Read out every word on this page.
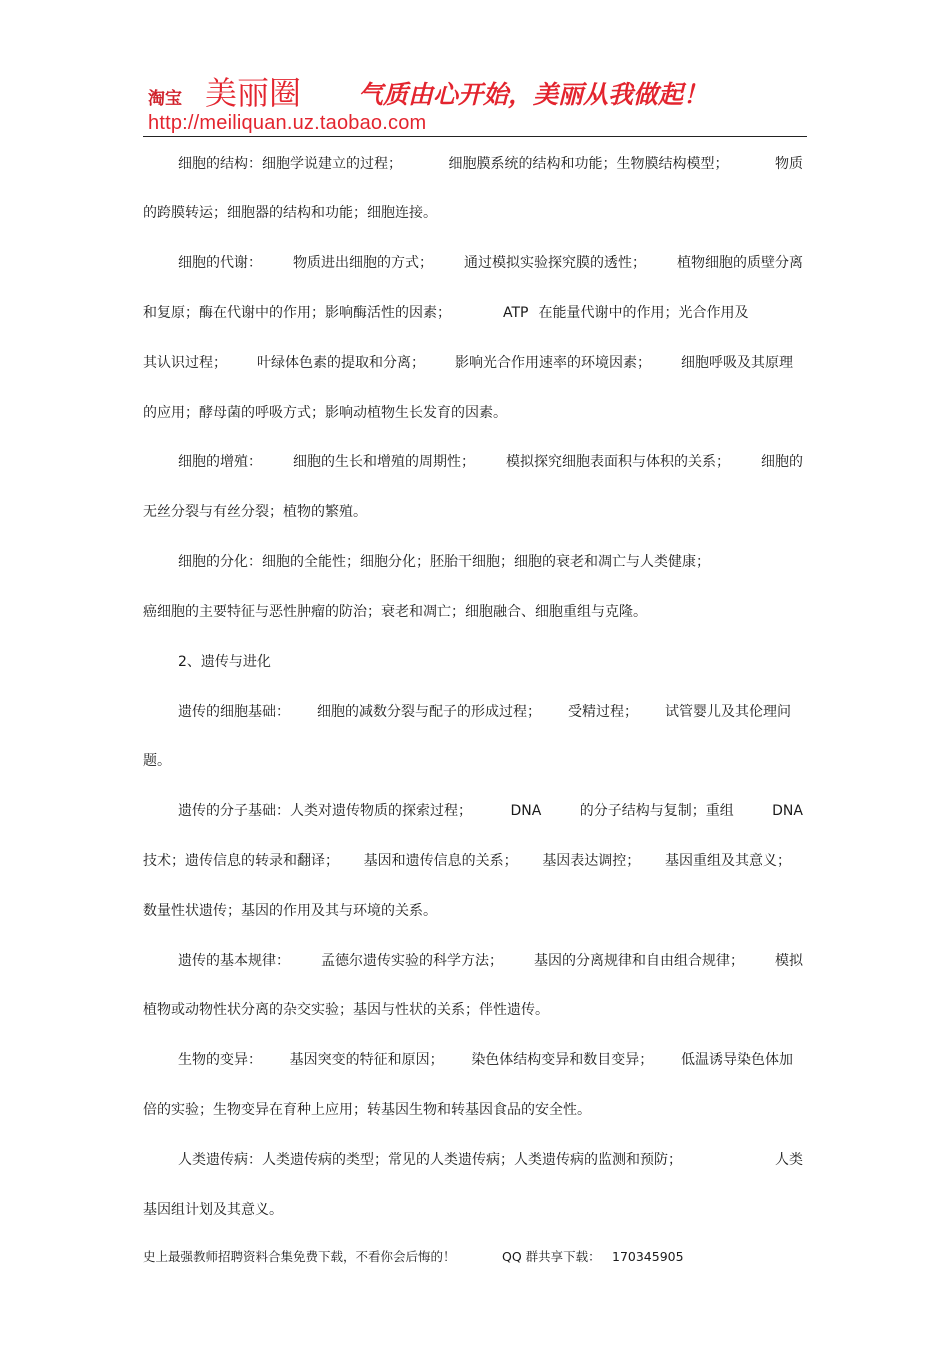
淘宝 美丽圈 气质由心开始，美丽从我做起！
http://meiliquan.uz.taobao.com
细胞的结构：细胞学说建立的过程；	细胞膜系统的结构和功能；生物膜结构模型；	物质
的跨膜转运；细胞器的结构和功能；细胞连接。
细胞的代谢： 物质进出细胞的方式； 通过模拟实验探究膜的透性； 植物细胞的质壁分离
和复原；酶在代谢中的作用；影响酶活性的因素；	ATP 在能量代谢中的作用；光合作用及
其认识过程； 叶绿体色素的提取和分离； 影响光合作用速率的环境因素； 细胞呼吸及其原理
的应用；酵母菌的呼吸方式；影响动植物生长发育的因素。
细胞的增殖： 细胞的生长和增殖的周期性； 模拟探究细胞表面积与体积的关系； 细胞的
无丝分裂与有丝分裂；植物的繁殖。
细胞的分化：细胞的全能性；细胞分化；胚胎干细胞；细胞的衰老和凋亡与人类健康；
癌细胞的主要特征与恶性肿瘤的防治；衰老和凋亡；细胞融合、细胞重组与克隆。
2、遗传与进化
遗传的细胞基础： 细胞的减数分裂与配子的形成过程； 受精过程； 试管婴儿及其伦理问
题。
遗传的分子基础：人类对遗传物质的探索过程；	DNA	的分子结构与复制；重组	DNA
技术；遗传信息的转录和翻译； 基因和遗传信息的关系； 基因表达调控； 基因重组及其意义；
数量性状遗传；基因的作用及其与环境的关系。
遗传的基本规律： 孟德尔遗传实验的科学方法； 基因的分离规律和自由组合规律； 模拟
植物或动物性状分离的杂交实验；基因与性状的关系；伴性遗传。
生物的变异： 基因突变的特征和原因； 染色体结构变异和数目变异； 低温诱导染色体加
倍的实验；生物变异在育种上应用；转基因生物和转基因食品的安全性。
人类遗传病：人类遗传病的类型；常见的人类遗传病；人类遗传病的监测和预防；	人类
基因组计划及其意义。
史上最强教师招聘资料合集免费下载，不看你会后悔的！	QQ 群共享下载： 170345905
